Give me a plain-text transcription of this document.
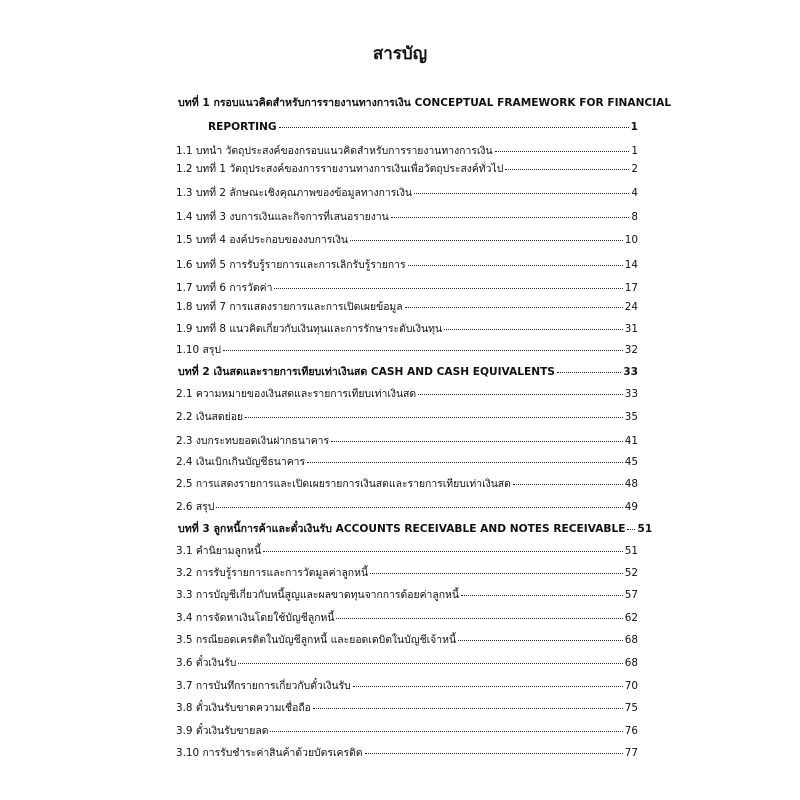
สารบัญ
บทที่ 1 กรอบแนวคิดสำหรับการรายงานทางการเงิน CONCEPTUAL FRAMEWORK FOR FINANCIAL
REPORTING	1
1.1 บทนำ วัตถุประสงค์ของกรอบแนวคิดสำหรับการรายงานทางการเงิน	1
1.2 บทที่ 1 วัตถุประสงค์ของการรายงานทางการเงินเพื่อวัตถุประสงค์ทั่วไป	2
1.3 บทที่ 2 ลักษณะเชิงคุณภาพของข้อมูลทางการเงิน	4
1.4 บทที่ 3 งบการเงินและกิจการที่เสนอรายงาน	8
1.5 บทที่ 4 องค์ประกอบของงบการเงิน	10
1.6 บทที่ 5 การรับรู้รายการและการเลิกรับรู้รายการ	14
1.7 บทที่ 6 การวัดค่า	17
1.8 บทที่ 7 การแสดงรายการและการเปิดเผยข้อมูล	24
1.9 บทที่ 8 แนวคิดเกี่ยวกับเงินทุนและการรักษาระดับเงินทุน	31
1.10 สรุป	32
บทที่ 2 เงินสดและรายการเทียบเท่าเงินสด CASH AND CASH EQUIVALENTS	33
2.1 ความหมายของเงินสดและรายการเทียบเท่าเงินสด	33
2.2 เงินสดย่อย	35
2.3 งบกระทบยอดเงินฝากธนาคาร	41
2.4 เงินเบิกเกินบัญชีธนาคาร	45
2.5 การแสดงรายการและเปิดเผยรายการเงินสดและรายการเทียบเท่าเงินสด	48
2.6 สรุป	49
บทที่ 3 ลูกหนี้การค้าและตั๋วเงินรับ ACCOUNTS RECEIVABLE AND NOTES RECEIVABLE 51
3.1 คำนิยามลูกหนี้	51
3.2 การรับรู้รายการและการวัดมูลค่าลูกหนี้	52
3.3 การบัญชีเกี่ยวกับหนี้สูญและผลขาดทุนจากการด้อยค่าลูกหนี้	57
3.4 การจัดหาเงินโดยใช้บัญชีลูกหนี้	62
3.5 กรณียอดเครดิตในบัญชีลูกหนี้ และยอดเดบิตในบัญชีเจ้าหนี้	68
3.6 ตั๋วเงินรับ	68
3.7 การบันทึกรายการเกี่ยวกับตั๋วเงินรับ	70
3.8 ตั๋วเงินรับขาดความเชื่อถือ	75
3.9 ตั๋วเงินรับขายลด	76
3.10 การรับชำระค่าสินค้าด้วยบัตรเครดิต	77
